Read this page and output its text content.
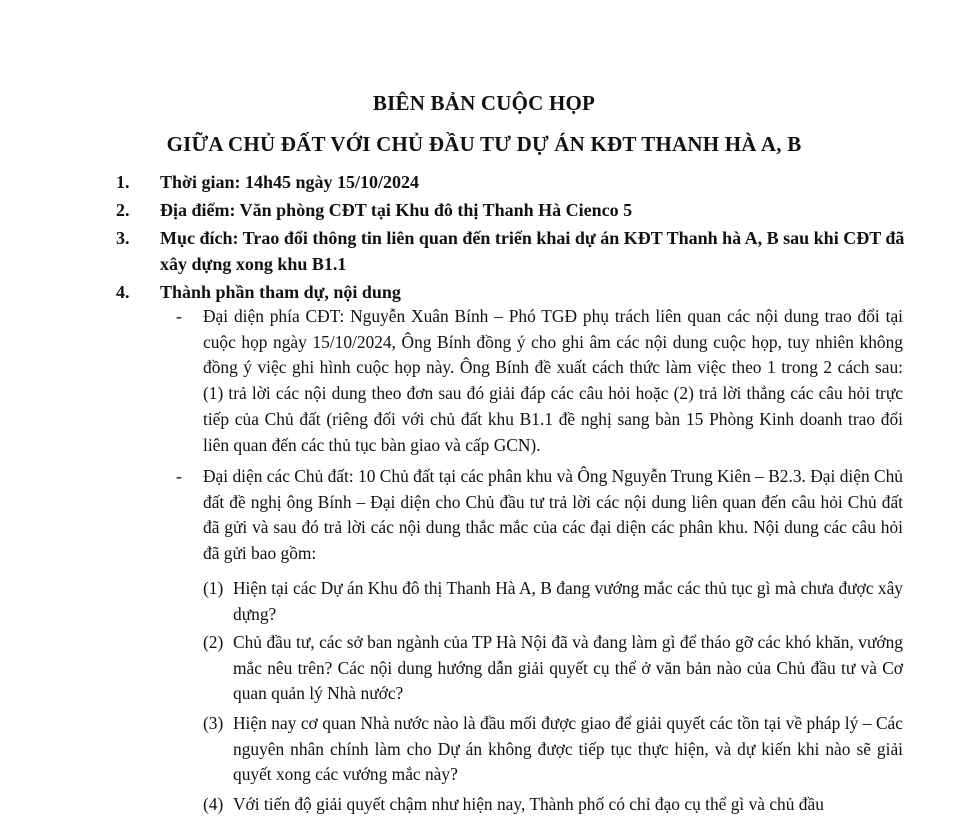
BIÊN BẢN CUỘC HỌP
GIỮA CHỦ ĐẤT VỚI CHỦ ĐẦU TƯ DỰ ÁN KĐT THANH HÀ A, B
1. Thời gian: 14h45 ngày 15/10/2024
2. Địa điểm: Văn phòng CĐT tại Khu đô thị Thanh Hà Cienco 5
3. Mục đích: Trao đổi thông tin liên quan đến triển khai dự án KĐT Thanh hà A, B sau khi CĐT đã xây dựng xong khu B1.1
4. Thành phần tham dự, nội dung
- Đại diện phía CĐT: Nguyễn Xuân Bính – Phó TGĐ phụ trách liên quan các nội dung trao đổi tại cuộc họp ngày 15/10/2024, Ông Bính đồng ý cho ghi âm các nội dung cuộc họp, tuy nhiên không đồng ý việc ghi hình cuộc họp này. Ông Bính đề xuất cách thức làm việc theo 1 trong 2 cách sau: (1) trả lời các nội dung theo đơn sau đó giải đáp các câu hỏi hoặc (2) trả lời thẳng các câu hỏi trực tiếp của Chủ đất (riêng đối với chủ đất khu B1.1 đề nghị sang bàn 15 Phòng Kinh doanh trao đổi liên quan đến các thủ tục bàn giao và cấp GCN).
- Đại diện các Chủ đất: 10 Chủ đất tại các phân khu và Ông Nguyễn Trung Kiên – B2.3. Đại diện Chủ đất đề nghị ông Bính – Đại diện cho Chủ đầu tư trả lời các nội dung liên quan đến câu hỏi Chủ đất đã gửi và sau đó trả lời các nội dung thắc mắc của các đại diện các phân khu. Nội dung các câu hỏi đã gửi bao gồm:
(1) Hiện tại các Dự án Khu đô thị Thanh Hà A, B đang vướng mắc các thủ tục gì mà chưa được xây dựng?
(2) Chủ đầu tư, các sở ban ngành của TP Hà Nội đã và đang làm gì để tháo gỡ các khó khăn, vướng mắc nêu trên? Các nội dung hướng dẫn giải quyết cụ thể ở văn bản nào của Chủ đầu tư và Cơ quan quản lý Nhà nước?
(3) Hiện nay cơ quan Nhà nước nào là đầu mối được giao để giải quyết các tồn tại về pháp lý – Các nguyên nhân chính làm cho Dự án không được tiếp tục thực hiện, và dự kiến khi nào sẽ giải quyết xong các vướng mắc này?
(4) Với tiến độ giải quyết chậm như hiện nay, Thành phố có chỉ đạo cụ thể gì và chủ đầu
